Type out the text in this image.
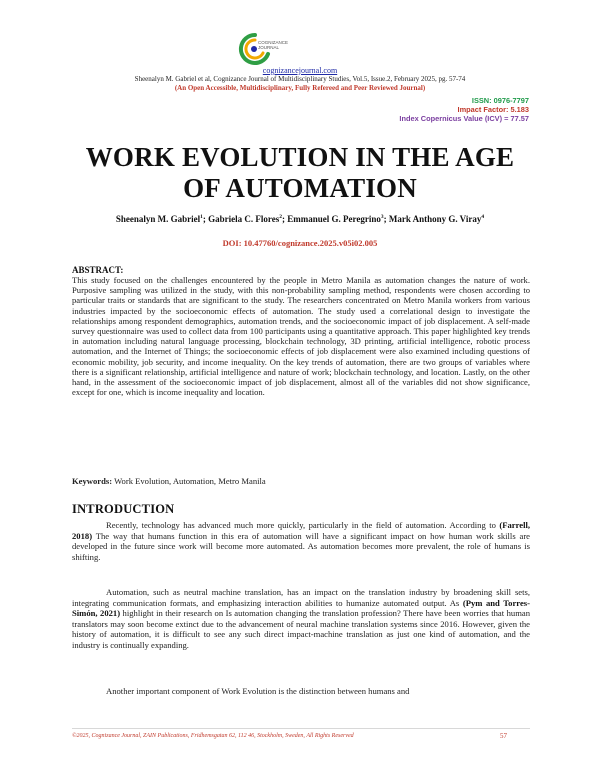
COGNIZANCE
JOURNAL
cognizancejournal.com
Sheenalyn M. Gabriel et al, Cognizance Journal of Multidisciplinary Studies, Vol.5, Issue.2, February 2025, pg. 57-74
(An Open Accessible, Multidisciplinary, Fully Refereed and Peer Reviewed Journal)
ISSN: 0976-7797
Impact Factor: 5.183
Index Copernicus Value (ICV) = 77.57
WORK EVOLUTION IN THE AGE
OF AUTOMATION
Sheenalyn M. Gabriel$^1$; Gabriela C. Flores$^2$; Emmanuel G. Peregrino$^3$; Mark Anthony G. Viray$^4$
DOI: 10.47760/cognizance.2025.v05i02.005
ABSTRACT:
This study focused on the challenges encountered by the people in Metro Manila as automation changes the nature of work. Purposive sampling was utilized in the study, with this non-probability sampling method, respondents were chosen according to particular traits or standards that are significant to the study. The researchers concentrated on Metro Manila workers from various industries impacted by the socioeconomic effects of automation. The study used a correlational design to investigate the relationships among respondent demographics, automation trends, and the socioeconomic impact of job displacement. A self-made survey questionnaire was used to collect data from 100 participants using a quantitative approach. This paper highlighted key trends in automation including natural language processing, blockchain technology, 3D printing, artificial intelligence, robotic process automation, and the Internet of Things; the socioeconomic effects of job displacement were also examined including questions of economic mobility, job security, and income inequality. On the key trends of automation, there are two groups of variables where there is a significant relationship, artificial intelligence and nature of work; blockchain technology, and location. Lastly, on the other hand, in the assessment of the socioeconomic impact of job displacement, almost all of the variables did not show significance, except for one, which is income inequality and location.
Keywords: Work Evolution, Automation, Metro Manila
INTRODUCTION

Recently, technology has advanced much more quickly, particularly in the field of automation. According to (Farrell, 2018) The way that humans function in this era of automation will have a significant impact on how human work skills are developed in the future since work will become more automated. As automation becomes more prevalent, the role of humans is shifting.

Automation, such as neutral machine translation, has an impact on the translation industry by broadening skill sets, integrating communication formats, and emphasizing interaction abilities to humanize automated output. As (Pym and Torres-Simón, 2021) highlight in their research on Is automation changing the translation profession? There have been worries that human translators may soon become extinct due to the advancement of neural machine translation systems since 2016. However, given the history of automation, it is difficult to see any such direct impact-machine translation as just one kind of automation, and the industry is continually expanding.

Another important component of Work Evolution is the distinction between humans and

©2025, Cognizance Journal, ZAIN Publications, Fridhemsgatan 62, 112 46, Stockholm, Sweden, All Rights Reserved	57
